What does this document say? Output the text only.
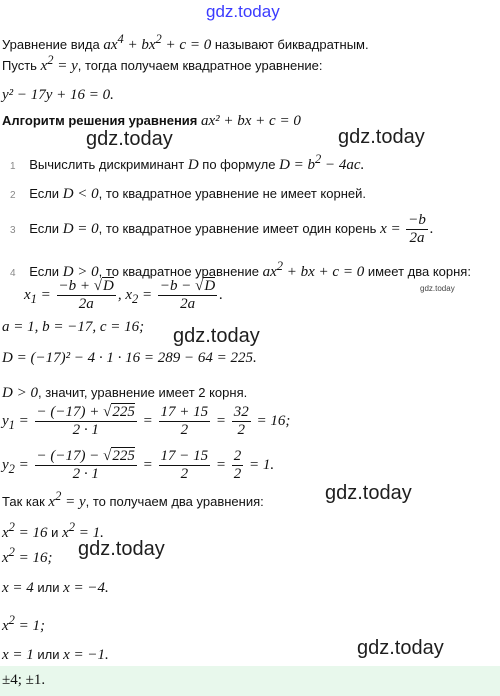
gdz.today
gdz.today	gdz.today
gdz.today
gdz.today
gdz.today
gdz.today
gdz.today
Уравнение вида $ax^4 + bx^2 + c = 0$ называют биквадратным.
Пусть $x^2 = y$, тогда получаем квадратное уравнение:
y² − 17y + 16 = 0.
Алгоритм решения уравнения ax² + bx + c = 0
1 Вычислить дискриминант D по формуле $D = b^2 - 4ac$.
2 Если D < 0, то квадратное уравнение не имеет корней.
3 Если D = 0, то квадратное уравнение имеет один корень $x = \frac{-b}{2a}$ .
4 Если D > 0, то квадратное уравнение $ax^2$ + bx + c = 0 имеет два корня:
$x_1 = \frac{-b + √D}{2a}$ , $x_2 = \frac{-b - √D}{2a}$ .
a = 1, b = −17, c = 16;
D = (−17)² − 4 · 1 · 16 = 289 − 64 = 225.
D > 0, значит, уравнение имеет 2 корня.
$y_1 = \frac{- (-17) + √225}{2 \cdot 1} = \frac{17 + 15}{2} = \frac{32}{2} = 16$;
$y_2 = \frac{- (-17) - √225}{2 \cdot 1} = \frac{17 - 15}{2} = \frac{2}{2} = 1$.
Так как $x^2 = y$, то получаем два уравнения:
$x^2 = 16$ и $x^2 = 1$.
$x^2 = 16$;
x = 4 или x = −4.
$x^2 = 1$;
x = 1 или x = −1.
±4; ±1.
